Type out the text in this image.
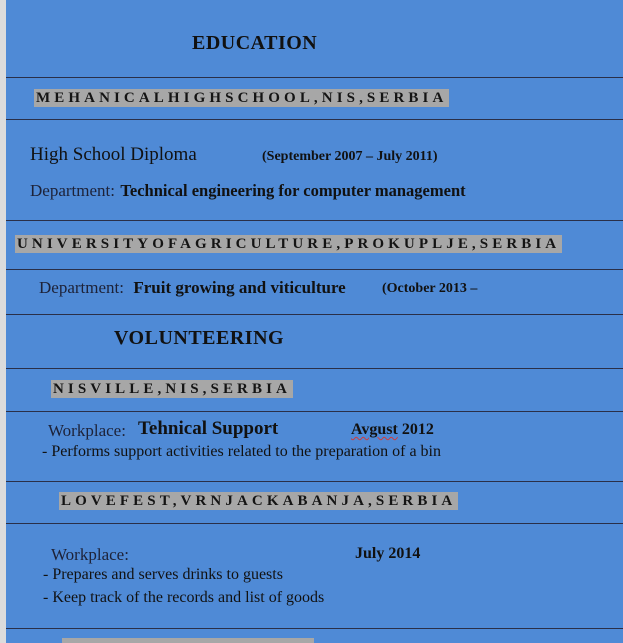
EDUCATION
MEHANICALHIGHSCHOOL,NIS,SERBIA
High School Diploma	(September 2007 – July 2011)
Department: Technical engineering for computer management
UNIVERSITYOFAGRICULTURE,PROKUPLJE,SERBIA
Department: Fruit growing and viticulture	(October 2013 –
VOLUNTEERING
NISVILLE,NIS,SERBIA
Workplace: Tehnical Support	Avgust 2012
- Performs support activities related to the preparation of a bin
LOVEFEST,VRNJACKABANJA,SERBIA
Workplace:	July 2014
- Prepares and serves drinks to guests
- Keep track of the records and list of goods
